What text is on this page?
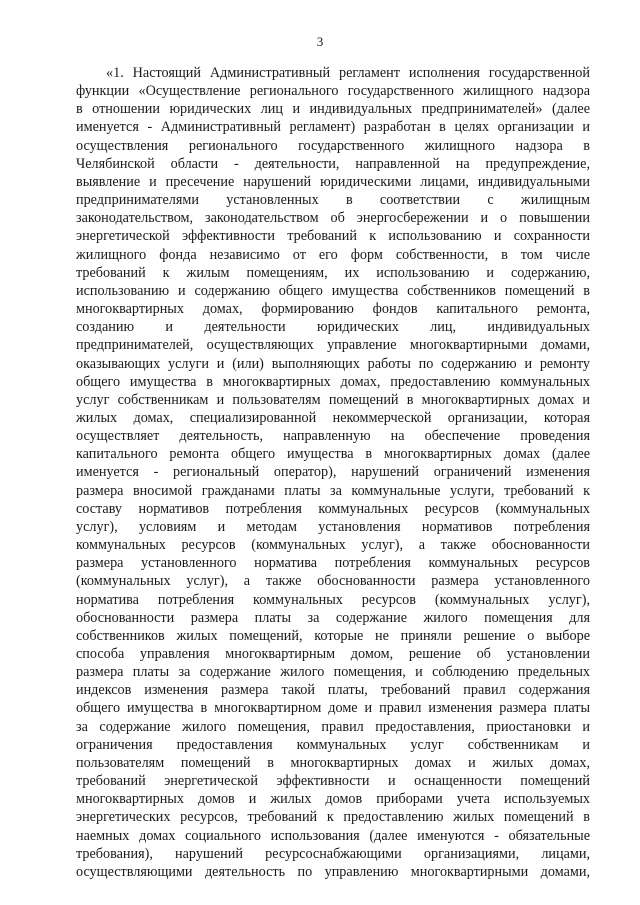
3
«1. Настоящий Административный регламент исполнения государственной
функции «Осуществление регионального государственного жилищного надзора
в отношении юридических лиц и индивидуальных предпринимателей» (далее
именуется - Административный регламент) разработан в целях организации и
осуществления регионального государственного жилищного надзора в
Челябинской области - деятельности, направленной на предупреждение,
выявление и пресечение нарушений юридическими лицами, индивидуальными
предпринимателями установленных в соответствии с жилищным
законодательством, законодательством об энергосбережении и о повышении
энергетической эффективности требований к использованию и сохранности
жилищного фонда независимо от его форм собственности, в том числе
требований к жилым помещениям, их использованию и содержанию,
использованию и содержанию общего имущества собственников помещений в
многоквартирных домах, формированию фондов капитального ремонта,
созданию и деятельности юридических лиц, индивидуальных
предпринимателей, осуществляющих управление многоквартирными домами,
оказывающих услуги и (или) выполняющих работы по содержанию и ремонту
общего имущества в многоквартирных домах, предоставлению коммунальных
услуг собственникам и пользователям помещений в многоквартирных домах и
жилых домах, специализированной некоммерческой организации, которая
осуществляет деятельность, направленную на обеспечение проведения
капитального ремонта общего имущества в многоквартирных домах (далее
именуется - региональный оператор), нарушений ограничений изменения
размера вносимой гражданами платы за коммунальные услуги, требований к
составу нормативов потребления коммунальных ресурсов (коммунальных
услуг), условиям и методам установления нормативов потребления
коммунальных ресурсов (коммунальных услуг), а также обоснованности
размера установленного норматива потребления коммунальных ресурсов
(коммунальных услуг), а также обоснованности размера установленного
норматива потребления коммунальных ресурсов (коммунальных услуг),
обоснованности размера платы за содержание жилого помещения для
собственников жилых помещений, которые не приняли решение о выборе
способа управления многоквартирным домом, решение об установлении
размера платы за содержание жилого помещения, и соблюдению предельных
индексов изменения размера такой платы, требований правил содержания
общего имущества в многоквартирном доме и правил изменения размера платы
за содержание жилого помещения, правил предоставления, приостановки и
ограничения предоставления коммунальных услуг собственникам и
пользователям помещений в многоквартирных домах и жилых домах,
требований энергетической эффективности и оснащенности помещений
многоквартирных домов и жилых домов приборами учета используемых
энергетических ресурсов, требований к предоставлению жилых помещений в
наемных домах социального использования (далее именуются - обязательные
требования), нарушений ресурсоснабжающими организациями, лицами,
осуществляющими деятельность по управлению многоквартирными домами,
